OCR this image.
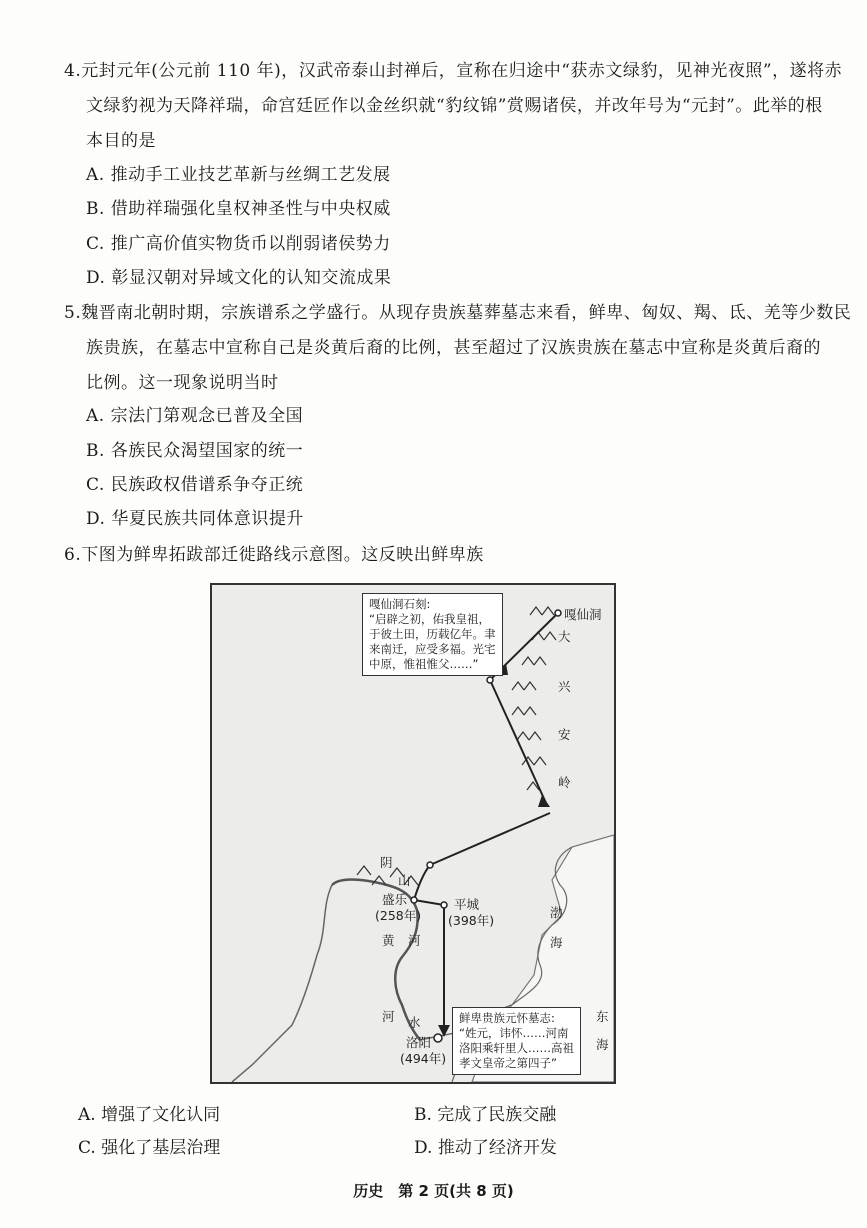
4.元封元年(公元前 110 年)，汉武帝泰山封禅后，宣称在归途中“获赤文绿豹，见神光夜照”，遂将赤
文绿豹视为天降祥瑞，命宫廷匠作以金丝织就“豹纹锦”赏赐诸侯，并改年号为“元封”。此举的根
本目的是
A. 推动手工业技艺革新与丝绸工艺发展
B. 借助祥瑞强化皇权神圣性与中央权威
C. 推广高价值实物货币以削弱诸侯势力
D. 彰显汉朝对异域文化的认知交流成果
5.魏晋南北朝时期，宗族谱系之学盛行。从现存贵族墓葬墓志来看，鲜卑、匈奴、羯、氐、羌等少数民
族贵族，在墓志中宣称自己是炎黄后裔的比例，甚至超过了汉族贵族在墓志中宣称是炎黄后裔的
比例。这一现象说明当时
A. 宗法门第观念已普及全国
B. 各族民众渴望国家的统一
C. 民族政权借谱系争夺正统
D. 华夏民族共同体意识提升
6.下图为鲜卑拓跋部迁徙路线示意图。这反映出鲜卑族
嘎仙洞石刻:
“启辟之初，佑我皇祖，
于彼土田，历载亿年。聿
来南迁，应受多福。光宅
中原，惟祖惟父……”
鲜卑贵族元怀墓志:
“姓元，讳怀……河南
洛阳乘轩里人……高祖
孝文皇帝之第四子”
嘎仙洞
大
兴
安
岭
阴
山
盛乐
(258年)
平城
(398年)
黄 河
河 水
洛阳
(494年)
渤
海
东
海
A. 增强了文化认同	B. 完成了民族交融
C. 强化了基层治理	D. 推动了经济开发
历史　第 2 页(共 8 页)
